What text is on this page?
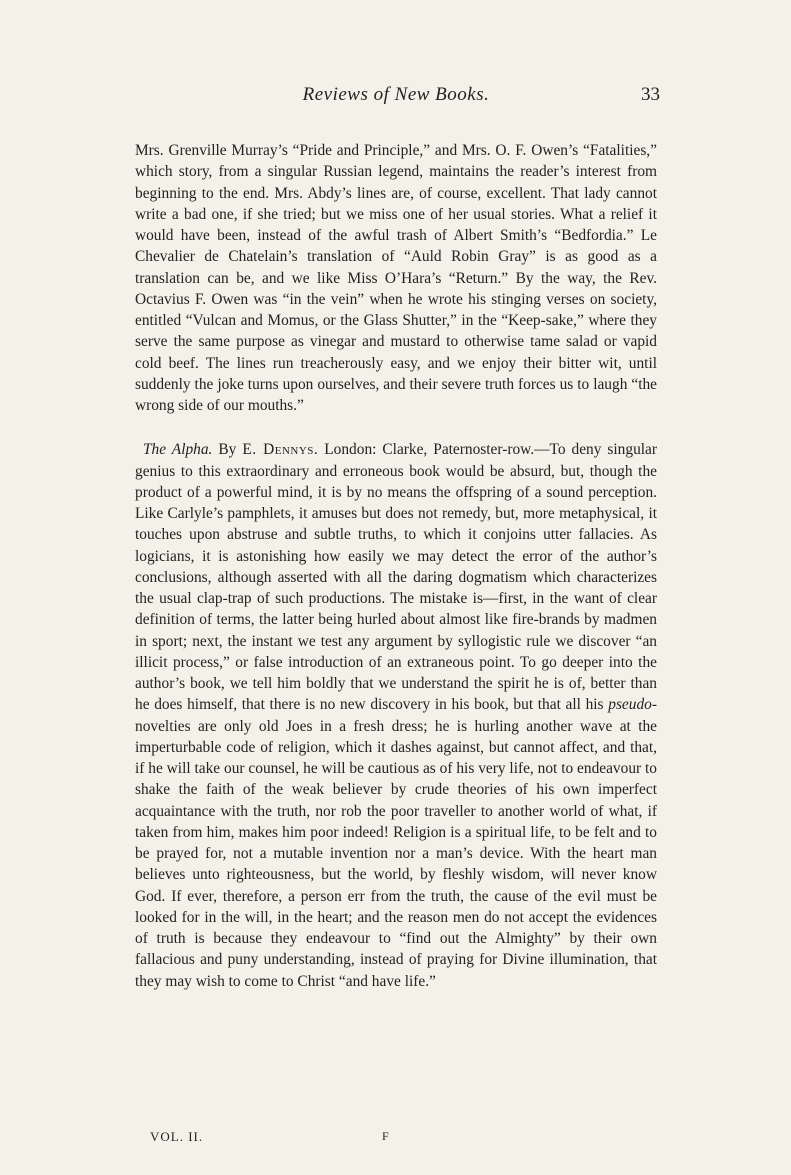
Reviews of New Books.	33

Mrs. Grenville Murray’s “Pride and Principle,” and Mrs. O. F. Owen’s “Fatalities,” which story, from a singular Russian legend, maintains the reader’s interest from beginning to the end. Mrs. Abdy’s lines are, of course, excellent. That lady cannot write a bad one, if she tried; but we miss one of her usual stories. What a relief it would have been, instead of the awful trash of Albert Smith’s “Bedfordia.” Le Chevalier de Chatelain’s translation of “Auld Robin Gray” is as good as a translation can be, and we like Miss O’Hara’s “Return.” By the way, the Rev. Octavius F. Owen was “in the vein” when he wrote his stinging verses on society, entitled “Vulcan and Momus, or the Glass Shutter,” in the “Keep-sake,” where they serve the same purpose as vinegar and mustard to otherwise tame salad or vapid cold beef. The lines run treacherously easy, and we enjoy their bitter wit, until suddenly the joke turns upon ourselves, and their severe truth forces us to laugh “the wrong side of our mouths.”

The Alpha. By E. Dennys. London: Clarke, Paternoster-row.—To deny singular genius to this extraordinary and erroneous book would be absurd, but, though the product of a powerful mind, it is by no means the offspring of a sound perception. Like Carlyle’s pamphlets, it amuses but does not remedy, but, more metaphysical, it touches upon abstruse and subtle truths, to which it conjoins utter fallacies. As logicians, it is astonishing how easily we may detect the error of the author’s conclusions, although asserted with all the daring dogmatism which characterizes the usual clap-trap of such productions. The mistake is—first, in the want of clear definition of terms, the latter being hurled about almost like fire-brands by madmen in sport; next, the instant we test any argument by syllogistic rule we discover “an illicit process,” or false introduction of an extraneous point. To go deeper into the author’s book, we tell him boldly that we understand the spirit he is of, better than he does himself, that there is no new discovery in his book, but that all his pseudo-novelties are only old Joes in a fresh dress; he is hurling another wave at the imperturbable code of religion, which it dashes against, but cannot affect, and that, if he will take our counsel, he will be cautious as of his very life, not to endeavour to shake the faith of the weak believer by crude theories of his own imperfect acquaintance with the truth, nor rob the poor traveller to another world of what, if taken from him, makes him poor indeed! Religion is a spiritual life, to be felt and to be prayed for, not a mutable invention nor a man’s device. With the heart man believes unto righteousness, but the world, by fleshly wisdom, will never know God. If ever, therefore, a person err from the truth, the cause of the evil must be looked for in the will, in the heart; and the reason men do not accept the evidences of truth is because they endeavour to “find out the Almighty” by their own fallacious and puny understanding, instead of praying for Divine illumination, that they may wish to come to Christ “and have life.”

VOL. II.	F
